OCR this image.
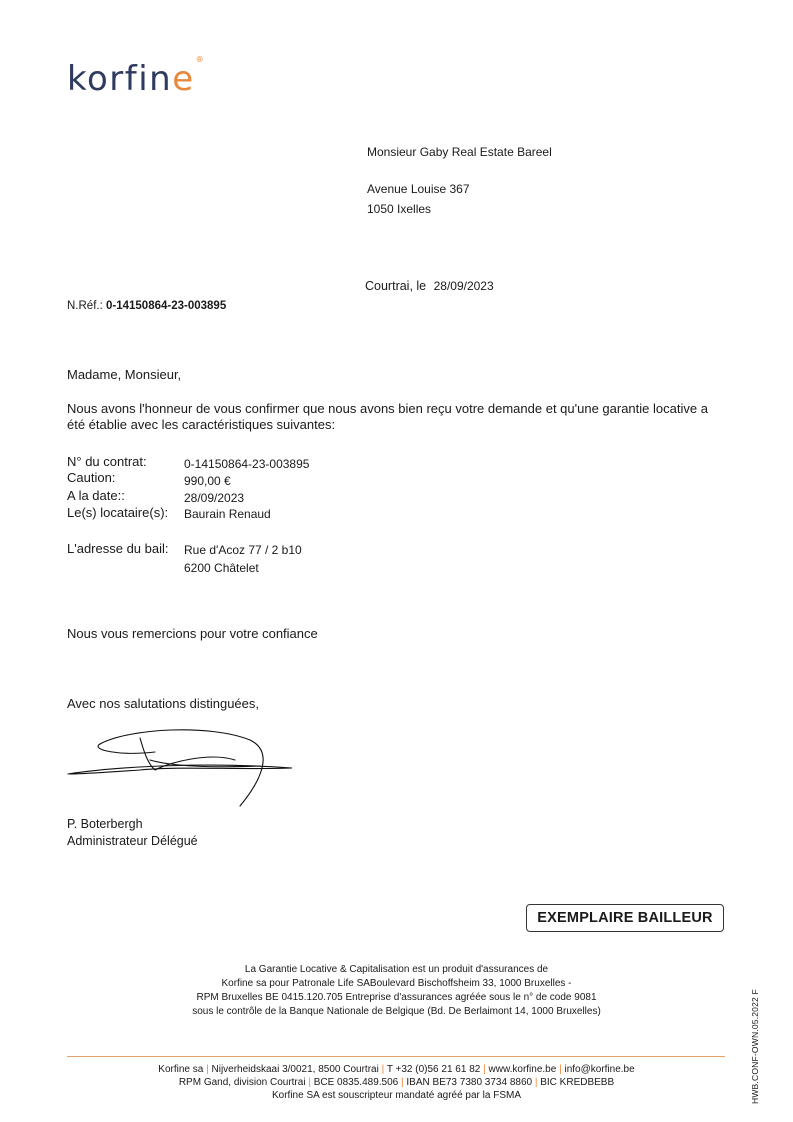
korfine®
Monsieur Gaby Real Estate Bareel
Avenue Louise 367
1050 Ixelles
Courtrai, le 28/09/2023
N.Réf.: 0-14150864-23-003895
Madame, Monsieur,
Nous avons l'honneur de vous confirmer que nous avons bien reçu votre demande et qu'une garantie locative a été établie avec les caractéristiques suivantes:
N° du contrat:	0-14150864-23-003895
Caution:	990,00 €
A la date::	28/09/2023
Le(s) locataire(s): Baurain Renaud
L'adresse du bail: Rue d'Acoz 77 / 2 b10
6200 Châtelet
Nous vous remercions pour votre confiance
Avec nos salutations distinguées,
P. Boterbergh
Administrateur Délégué
EXEMPLAIRE BAILLEUR
La Garantie Locative & Capitalisation est un produit d'assurances de
Korfine sa pour Patronale Life SABoulevard Bischoffsheim 33, 1000 Bruxelles -
RPM Bruxelles BE 0415.120.705 Entreprise d'assurances agréée sous le n° de code 9081
sous le contrôle de la Banque Nationale de Belgique (Bd. De Berlaimont 14, 1000 Bruxelles)
Korfine sa | Nijverheidskaai 3/0021, 8500 Courtrai | T +32 (0)56 21 61 82 | www.korfine.be | info@korfine.be
RPM Gand, division Courtrai | BCE 0835.489.506 | IBAN BE73 7380 3734 8860 | BIC KREDBEBB
Korfine SA est souscripteur mandaté agréé par la FSMA	HWB.CONF-OWN.05.2022 F
